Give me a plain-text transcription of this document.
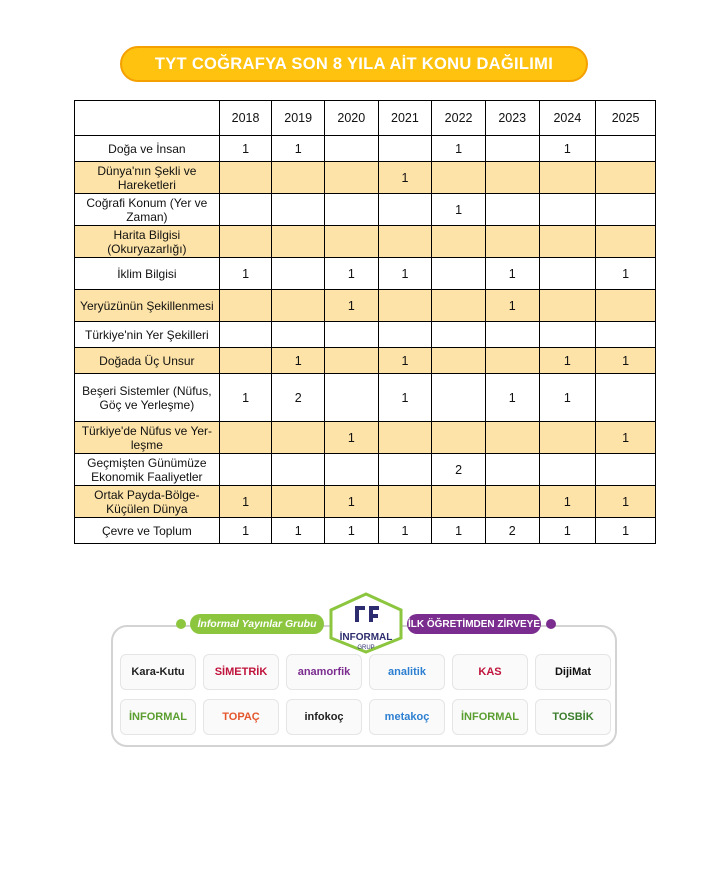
TYT COĞRAFYA SON 8 YILA AİT KONU DAĞILIMI
	2018	2019	2020	2021	2022	2023	2024	2025
Doğa ve İnsan	1	1			1		1	
Dünya'nın Şekli ve Hareketleri				1				
Coğrafi Konum (Yer ve Zaman)					1			
Harita Bilgisi (Okuryazarlığı)								
İklim Bilgisi	1		1	1		1		1
Yeryüzünün Şekillenmesi			1			1		
Türkiye'nin Yer Şekilleri								
Doğada Üç Unsur		1		1			1	1
Beşeri Sistemler (Nüfus, Göç ve Yerleşme)	1	2		1		1	1	
Türkiye'de Nüfus ve Yer-leşme			1					1
Geçmişten Günümüze Ekonomik Faaliyetler					2			
Ortak Payda-Bölge-Küçülen Dünya	1		1				1	1
Çevre ve Toplum	1	1	1	1	1	2	1	1
İnformal Yayınlar Grubu	İLK ÖĞRETİMDEN ZİRVEYE
İNFORMAL
GRUP
Kara-Kutu	SİMETRİK	anamorfik	analitik	KAS	DijiMat
İNFORMAL	TOPAÇ	infokoç	metakoç	İNFORMAL	TOSBİK
